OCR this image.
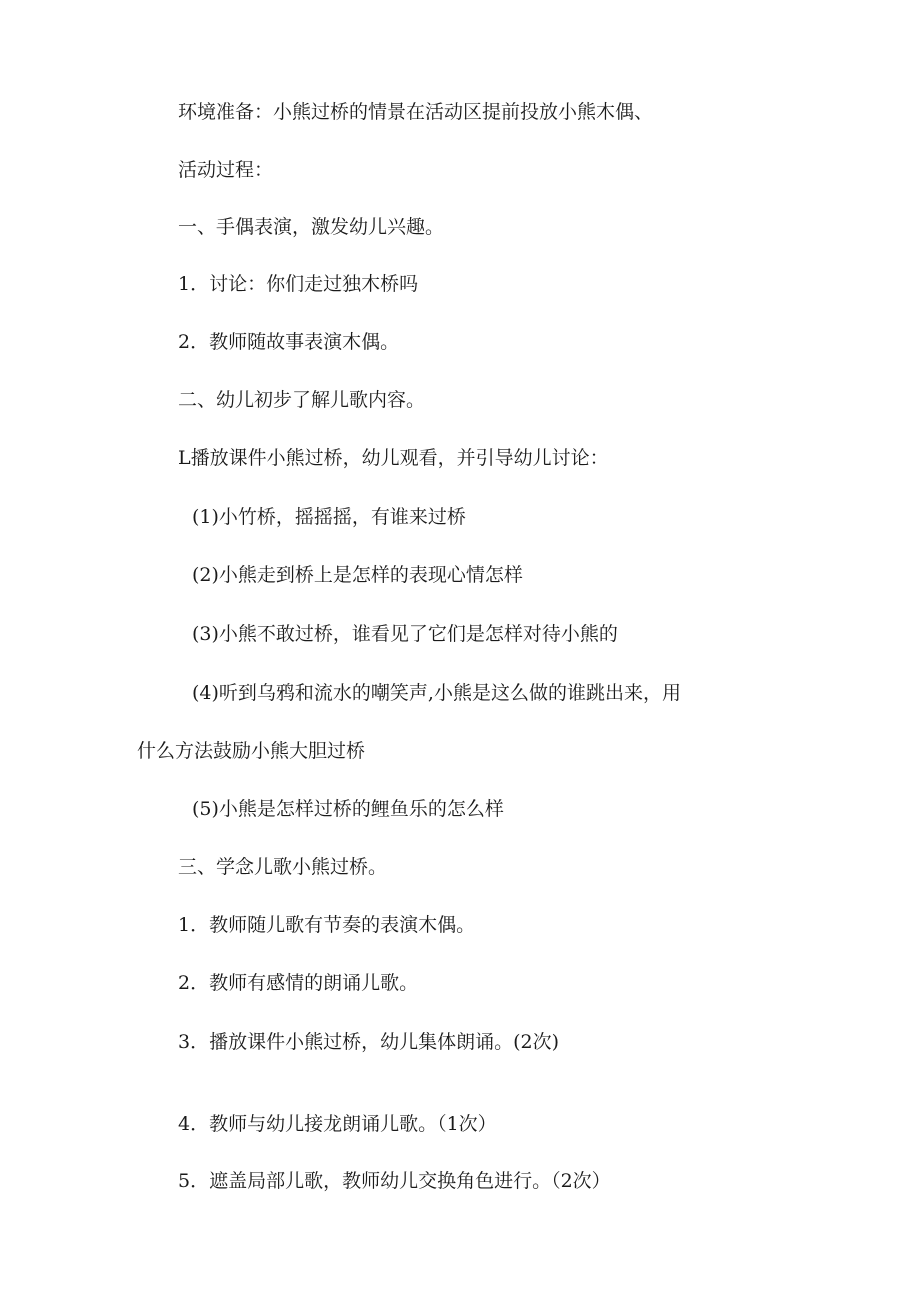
环境准备：小熊过桥的情景在活动区提前投放小熊木偶、
活动过程：
一、手偶表演，激发幼儿兴趣。
1．讨论：你们走过独木桥吗
2．教师随故事表演木偶。
二、幼儿初步了解儿歌内容。
L播放课件小熊过桥，幼儿观看，并引导幼儿讨论：
(1)小竹桥，摇摇摇，有谁来过桥
(2)小熊走到桥上是怎样的表现心情怎样
(3)小熊不敢过桥，谁看见了它们是怎样对待小熊的
(4)听到乌鸦和流水的嘲笑声,小熊是这么做的谁跳出来，用
什么方法鼓励小熊大胆过桥
(5)小熊是怎样过桥的鲤鱼乐的怎么样
三、学念儿歌小熊过桥。
1．教师随儿歌有节奏的表演木偶。
2．教师有感情的朗诵儿歌。
3．播放课件小熊过桥，幼儿集体朗诵。(2次)
4．教师与幼儿接龙朗诵儿歌。（1次）
5．遮盖局部儿歌，教师幼儿交换角色进行。（2次）
